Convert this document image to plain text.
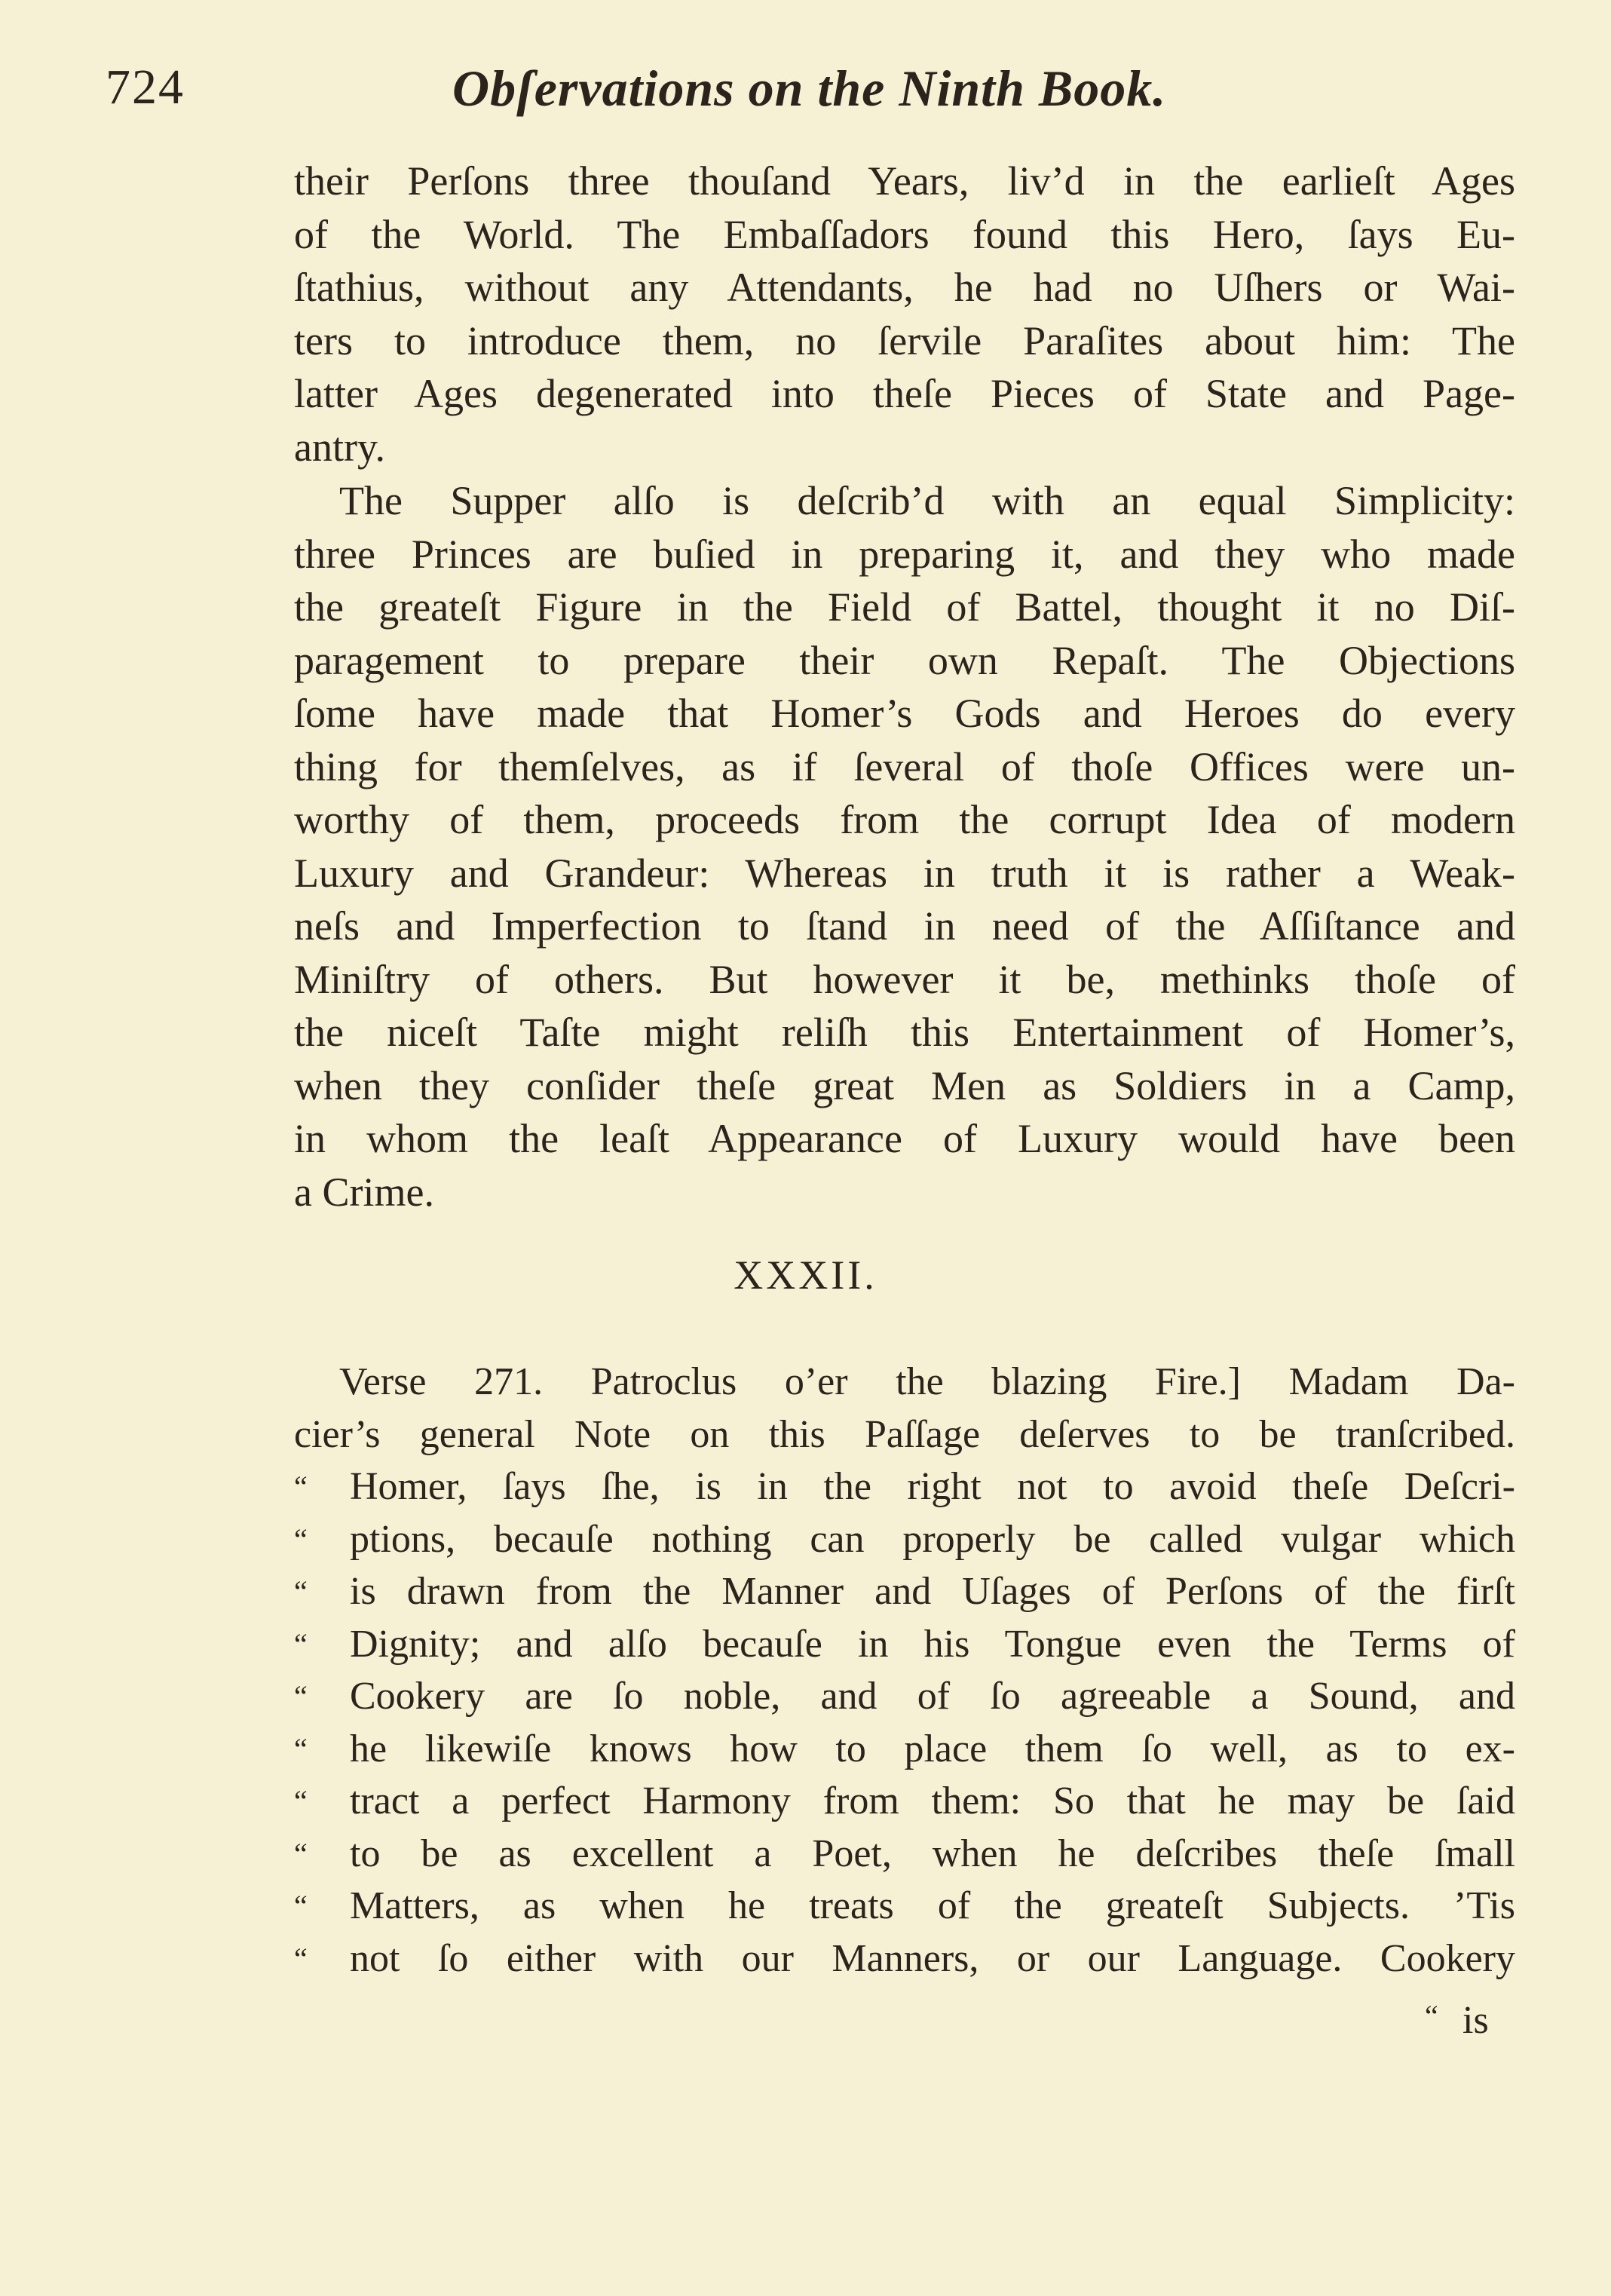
724	Obſervations on the Ninth Book.
their Perſons three thouſand Years, liv’d in the earlieſt Ages
of the World. The Embaſſadors found this Hero, ſays Eu-
ſtathius, without any Attendants, he had no Uſhers or Wai-
ters to introduce them, no ſervile Paraſites about him: The
latter Ages degenerated into theſe Pieces of State and Page-
antry.
The Supper alſo is deſcrib’d with an equal Simplicity:
three Princes are buſied in preparing it, and they who made
the greateſt Figure in the Field of Battel, thought it no Diſ-
paragement to prepare their own Repaſt. The Objections
ſome have made that Homer’s Gods and Heroes do every
thing for themſelves, as if ſeveral of thoſe Offices were un-
worthy of them, proceeds from the corrupt Idea of modern
Luxury and Grandeur: Whereas in truth it is rather a Weak-
neſs and Imperfection to ſtand in need of the Aſſiſtance and
Miniſtry of others. But however it be, methinks thoſe of
the niceſt Taſte might reliſh this Entertainment of Homer’s,
when they conſider theſe great Men as Soldiers in a Camp,
in whom the leaſt Appearance of Luxury would have been
a Crime.
XXXII.
Verse 271. Patroclus o’er the blazing Fire.] Madam Da-
cier’s general Note on this Paſſage deſerves to be tranſcribed.
“	Homer, ſays ſhe, is in the right not to avoid theſe Deſcri-
“	ptions, becauſe nothing can properly be called vulgar which
“	is drawn from the Manner and Uſages of Perſons of the firſt
“	Dignity; and alſo becauſe in his Tongue even the Terms of
“	Cookery are ſo noble, and of ſo agreeable a Sound, and
“	he likewiſe knows how to place them ſo well, as to ex-
“	tract a perfect Harmony from them: So that he may be ſaid
“	to be as excellent a Poet, when he deſcribes theſe ſmall
“	Matters, as when he treats of the greateſt Subjects. ’Tis
“	not ſo either with our Manners, or our Language. Cookery
“ is
